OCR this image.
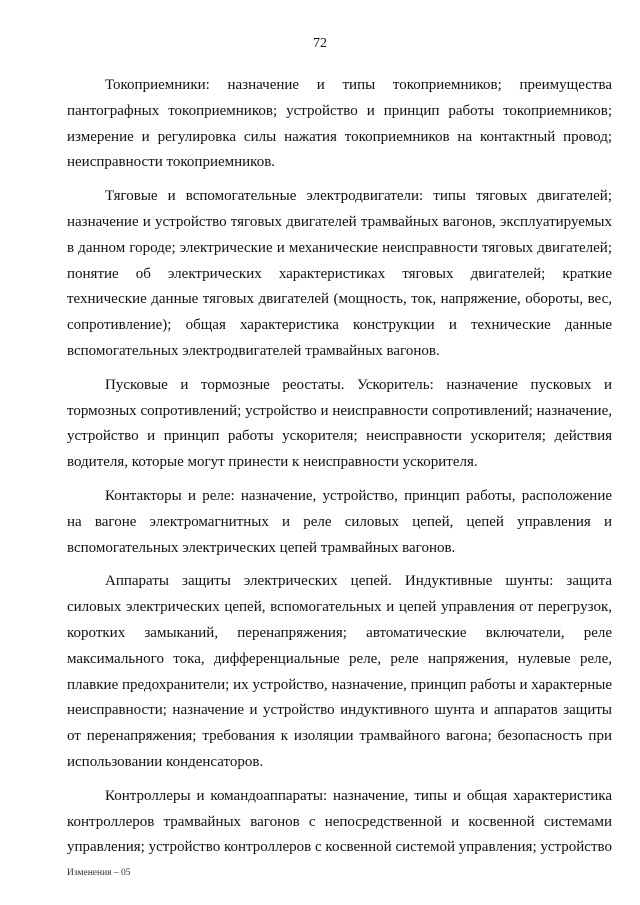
72

Токоприемники: назначение и типы токоприемников; преимущества пантографных токоприемников; устройство и принцип работы токоприемников; измерение и регулировка силы нажатия токоприемников на контактный провод; неисправности токоприемников.

Тяговые и вспомогательные электродвигатели: типы тяговых двигателей; назначение и устройство тяговых двигателей трамвайных вагонов, эксплуатируемых в данном городе; электрические и механические неисправности тяговых двигателей; понятие об электрических характеристиках тяговых двигателей; краткие технические данные тяговых двигателей (мощность, ток, напряжение, обороты, вес, сопротивление); общая характеристика конструкции и технические данные вспомогательных электродвигателей трамвайных вагонов.

Пусковые и тормозные реостаты. Ускоритель: назначение пусковых и тормозных сопротивлений; устройство и неисправности сопротивлений; назначение, устройство и принцип работы ускорителя; неисправности ускорителя; действия водителя, которые могут принести к неисправности ускорителя.

Контакторы и реле: назначение, устройство, принцип работы, расположение на вагоне электромагнитных и реле силовых цепей, цепей управления и вспомогательных электрических цепей трамвайных вагонов.

Аппараты защиты электрических цепей. Индуктивные шунты: защита силовых электрических цепей, вспомогательных и цепей управления от перегрузок, коротких замыканий, перенапряжения; автоматические включатели, реле максимального тока, дифференциальные реле, реле напряжения, нулевые реле, плавкие предохранители; их устройство, назначение, принцип работы и характерные неисправности; назначение и устройство индуктивного шунта и аппаратов защиты от перенапряжения; требования к изоляции трамвайного вагона; безопасность при использовании конденсаторов.

Контроллеры и командоаппараты: назначение, типы и общая характеристика контроллеров трамвайных вагонов с непосредственной и косвенной системами управления; устройство контроллеров с косвенной системой управления; устройство

Изменения – 05
